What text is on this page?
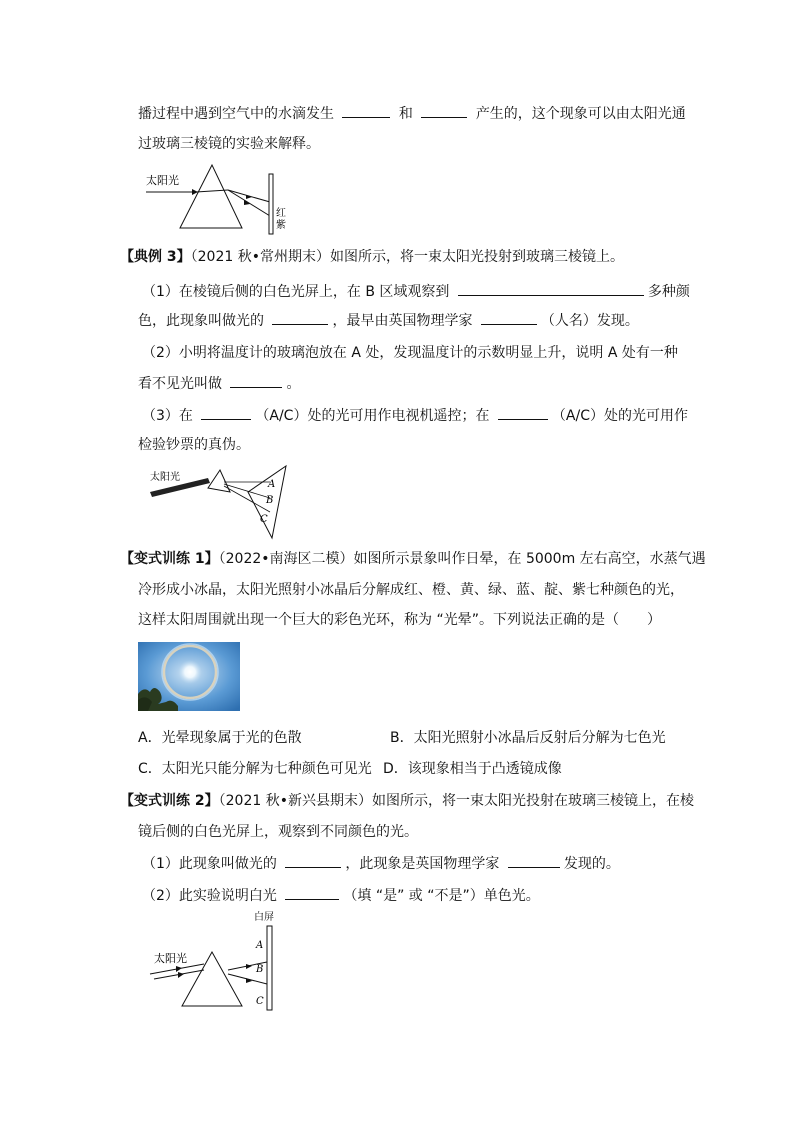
播过程中遇到空气中的水滴发生	和	产生的，这个现象可以由太阳光通
过玻璃三棱镜的实验来解释。
太阳光
红
紫
【典例 3】（2021 秋•常州期末）如图所示，将一束太阳光投射到玻璃三棱镜上。
（1）在棱镜后侧的白色光屏上，在 B 区域观察到	多种颜
色，此现象叫做光的	，最早由英国物理学家	（人名）发现。
（2）小明将温度计的玻璃泡放在 A 处，发现温度计的示数明显上升，说明 A 处有一种
看不见光叫做	。
（3）在	（A/C）处的光可用作电视机遥控；在	（A/C）处的光可用作
检验钞票的真伪。
太阳光
A
B
C
【变式训练 1】（2022•南海区二模）如图所示景象叫作日晕，在 5000m 左右高空，水蒸气遇
冷形成小冰晶，太阳光照射小冰晶后分解成红、橙、黄、绿、蓝、靛、紫七种颜色的光，
这样太阳周围就出现一个巨大的彩色光环，称为 “光晕”。下列说法正确的是（　　）
A．光晕现象属于光的色散	B．太阳光照射小冰晶后反射后分解为七色光
C．太阳光只能分解为七种颜色可见光 D．该现象相当于凸透镜成像
【变式训练 2】（2021 秋•新兴县期末）如图所示，将一束太阳光投射在玻璃三棱镜上，在棱
镜后侧的白色光屏上，观察到不同颜色的光。
（1）此现象叫做光的	，此现象是英国物理学家	发现的。
（2）此实验说明白光	（填 “是” 或 “不是”）单色光。
白屏
太阳光
A
B
C
